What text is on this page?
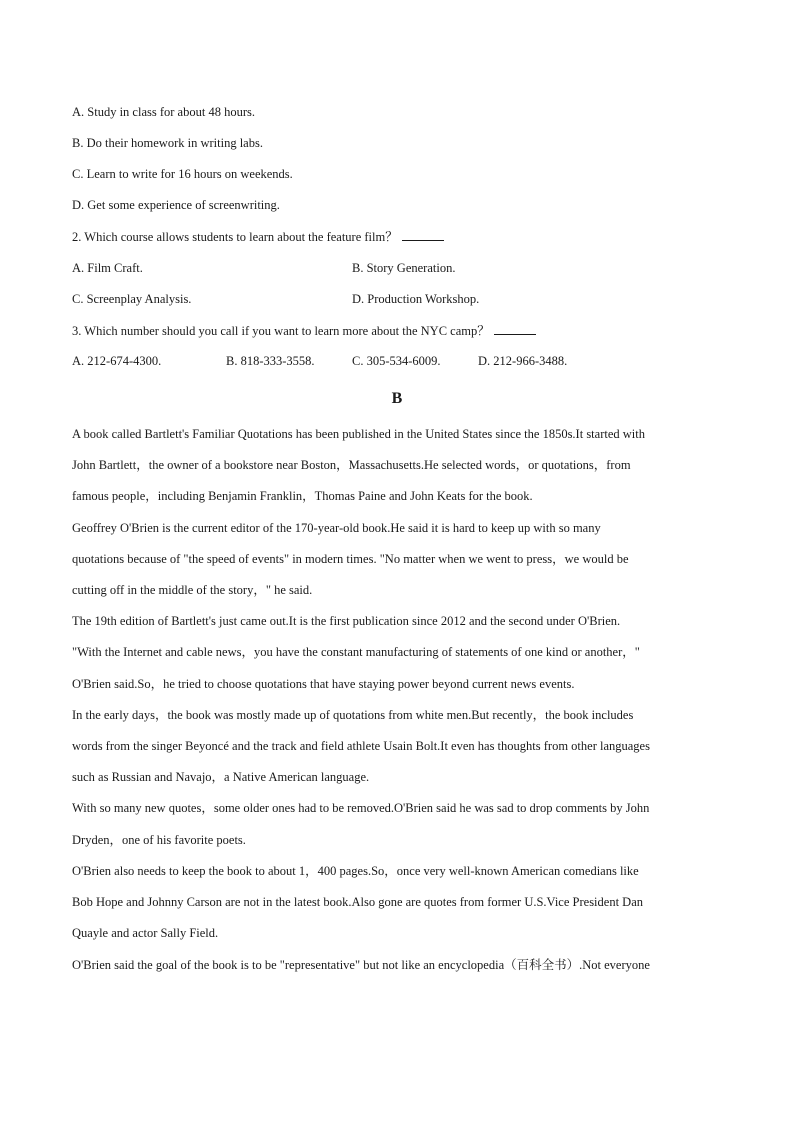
A. Study in class for about 48 hours.
B. Do their homework in writing labs.
C. Learn to write for 16 hours on weekends.
D. Get some experience of screenwriting.
2. Which course allows students to learn about the feature film？
A. Film Craft.	B. Story Generation.
C. Screenplay Analysis.	D. Production Workshop.
3. Which number should you call if you want to learn more about the NYC camp？
A. 212-674-4300.	B. 818-333-3558.	C. 305-534-6009.	D. 212-966-3488.
B
A book called Bartlett's Familiar Quotations has been published in the United States since the 1850s.It started with
John Bartlett，the owner of a bookstore near Boston，Massachusetts.He selected words，or quotations，from
famous people，including Benjamin Franklin，Thomas Paine and John Keats for the book.
Geoffrey O'Brien is the current editor of the 170-year-old book.He said it is hard to keep up with so many
quotations because of "the speed of events" in modern times. "No matter when we went to press，we would be
cutting off in the middle of the story，" he said.
The 19th edition of Bartlett's just came out.It is the first publication since 2012 and the second under O'Brien.
"With the Internet and cable news，you have the constant manufacturing of statements of one kind or another，"
O'Brien said.So，he tried to choose quotations that have staying power beyond current news events.
In the early days，the book was mostly made up of quotations from white men.But recently，the book includes
words from the singer Beyoncé and the track and field athlete Usain Bolt.It even has thoughts from other languages
such as Russian and Navajo，a Native American language.
With so many new quotes，some older ones had to be removed.O'Brien said he was sad to drop comments by John
Dryden，one of his favorite poets.
O'Brien also needs to keep the book to about 1，400 pages.So，once very well-known American comedians like
Bob Hope and Johnny Carson are not in the latest book.Also gone are quotes from former U.S.Vice President Dan
Quayle and actor Sally Field.
O'Brien said the goal of the book is to be "representative" but not like an encyclopedia（百科全书）.Not everyone
